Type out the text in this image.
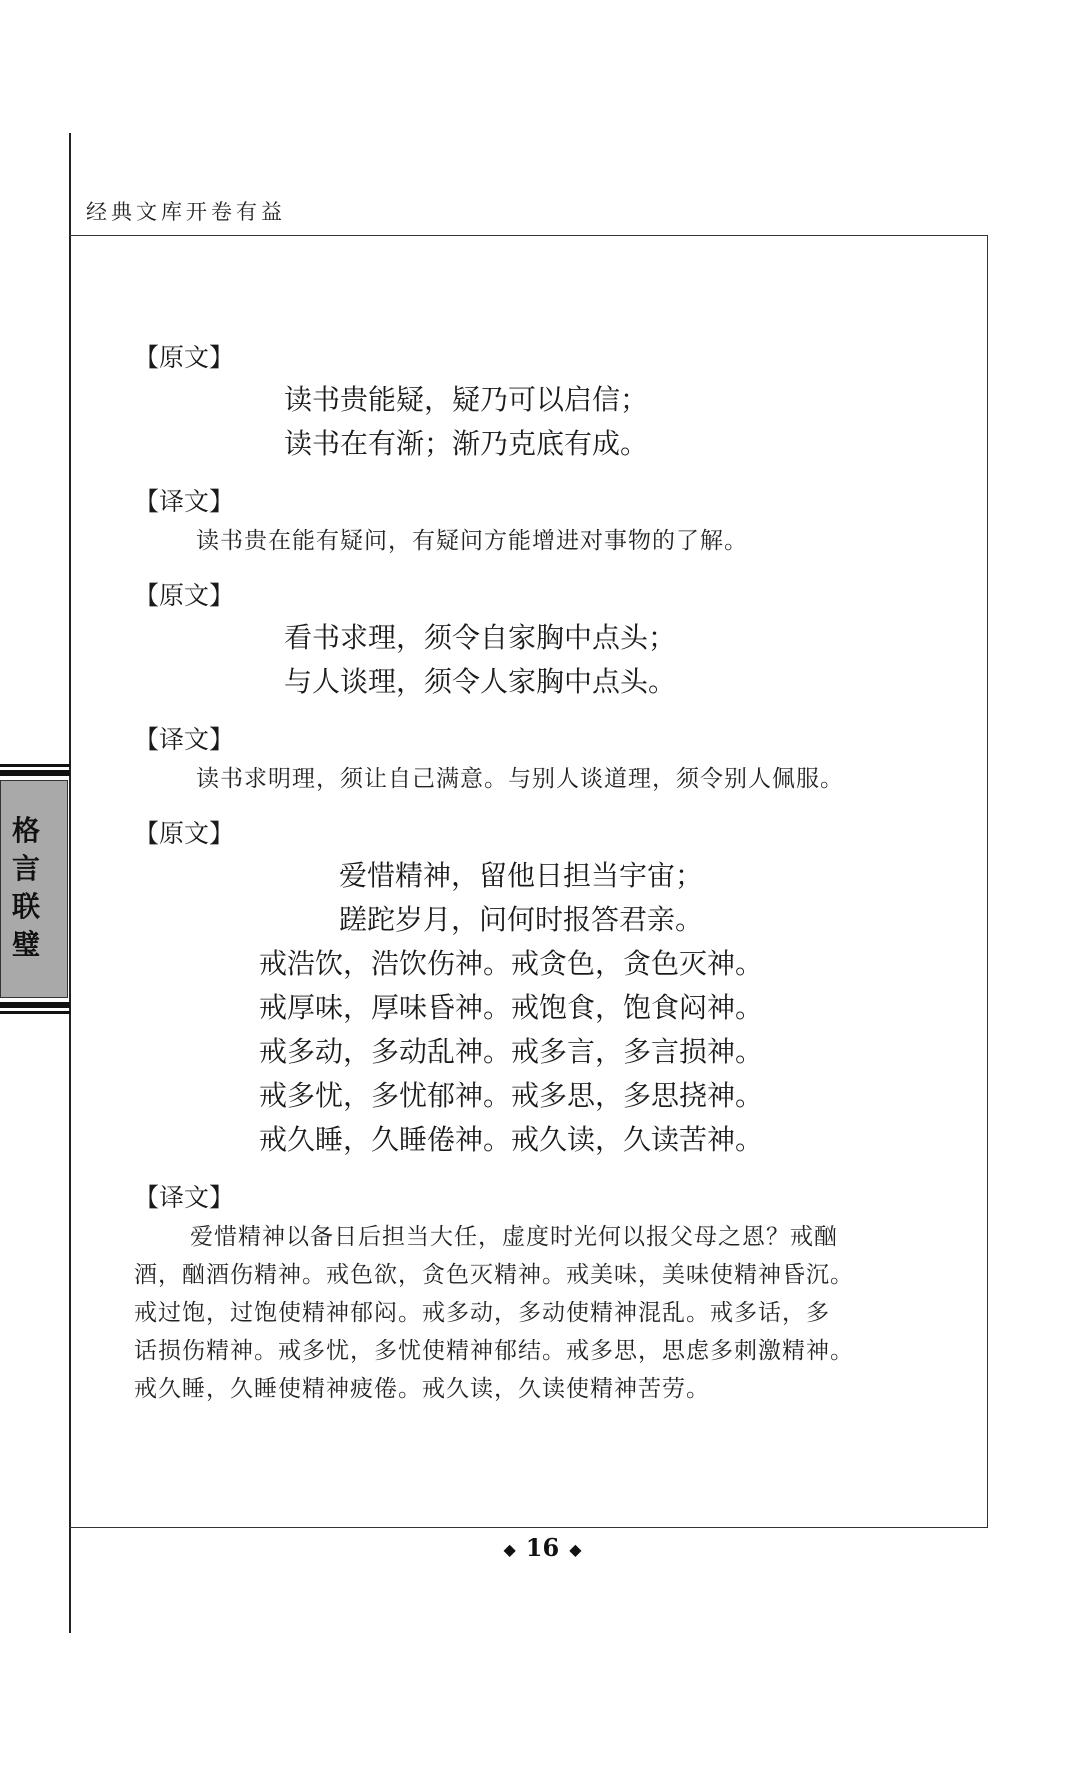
经典文库开卷有益
格
言
联
璧

【原文】

读书贵能疑，疑乃可以启信；

读书在有渐；渐乃克底有成。

【译文】

读书贵在能有疑问，有疑问方能增进对事物的了解。

【原文】

看书求理，须令自家胸中点头；

与人谈理，须令人家胸中点头。

【译文】

读书求明理，须让自己满意。与别人谈道理，须令别人佩服。

【原文】

爱惜精神，留他日担当宇宙；

蹉跎岁月，问何时报答君亲。

戒浩饮，浩饮伤神。戒贪色，贪色灭神。

戒厚味，厚味昏神。戒饱食，饱食闷神。

戒多动，多动乱神。戒多言，多言损神。

戒多忧，多忧郁神。戒多思，多思挠神。

戒久睡，久睡倦神。戒久读，久读苦神。

【译文】

爱惜精神以备日后担当大任，虚度时光何以报父母之恩？戒酗

酒，酗酒伤精神。戒色欲，贪色灭精神。戒美味，美味使精神昏沉。

戒过饱，过饱使精神郁闷。戒多动，多动使精神混乱。戒多话，多

话损伤精神。戒多忧，多忧使精神郁结。戒多思，思虑多刺激精神。

戒久睡，久睡使精神疲倦。戒久读，久读使精神苦劳。

◆ 16 ◆
